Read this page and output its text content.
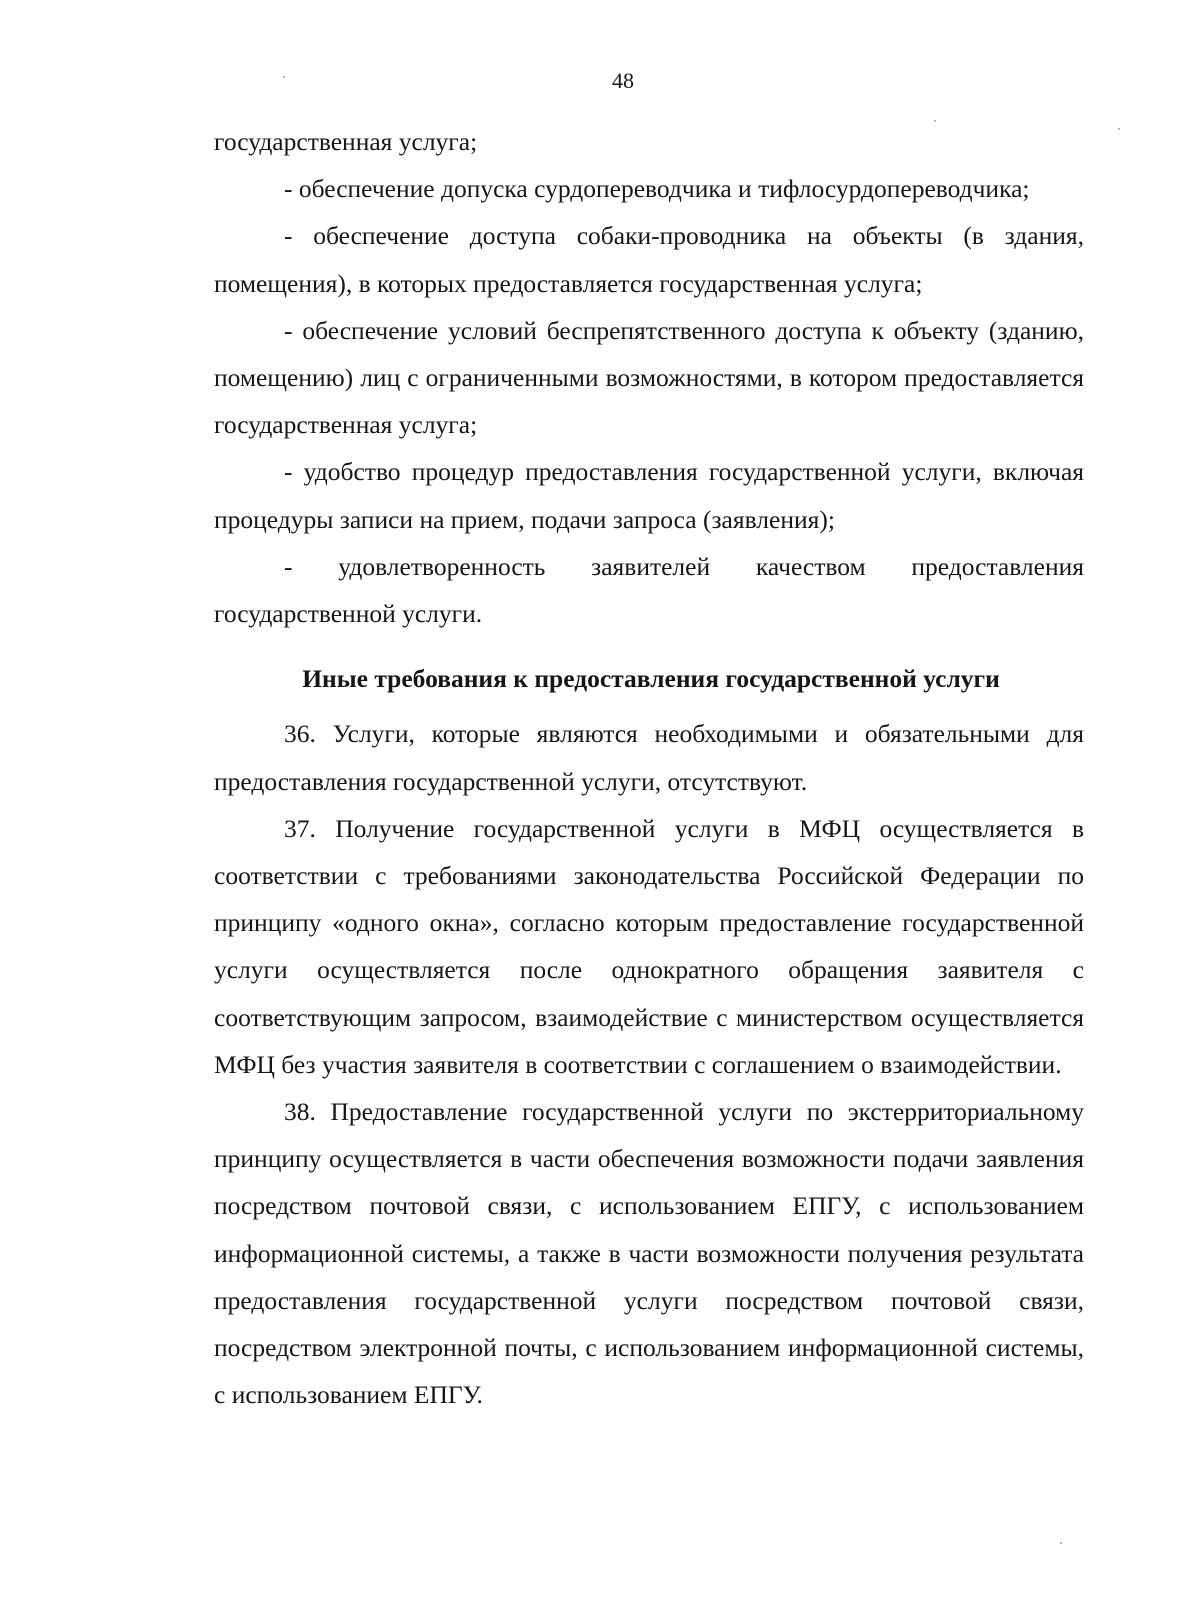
48

государственная услуга;

- обеспечение допуска сурдопереводчика и тифлосурдопереводчика;

- обеспечение доступа собаки-проводника на объекты (в здания, помещения), в которых предоставляется государственная услуга;

- обеспечение условий беспрепятственного доступа к объекту (зданию, помещению) лиц с ограниченными возможностями, в котором предоставляется государственная услуга;

- удобство процедур предоставления государственной услуги, включая процедуры записи на прием, подачи запроса (заявления);

- удовлетворенность заявителей качеством предоставления государственной услуги.

Иные требования к предоставления государственной услуги

36. Услуги, которые являются необходимыми и обязательными для предоставления государственной услуги, отсутствуют.

37. Получение государственной услуги в МФЦ осуществляется в соответствии с требованиями законодательства Российской Федерации по принципу «одного окна», согласно которым предоставление государственной услуги осуществляется после однократного обращения заявителя с соответствующим запросом, взаимодействие с министерством осуществляется МФЦ без участия заявителя в соответствии с соглашением о взаимодействии.

38. Предоставление государственной услуги по экстерриториальному принципу осуществляется в части обеспечения возможности подачи заявления посредством почтовой связи, с использованием ЕПГУ, с использованием информационной системы, а также в части возможности получения результата предоставления государственной услуги посредством почтовой связи, посредством электронной почты, с использованием информационной системы, с использованием ЕПГУ.
